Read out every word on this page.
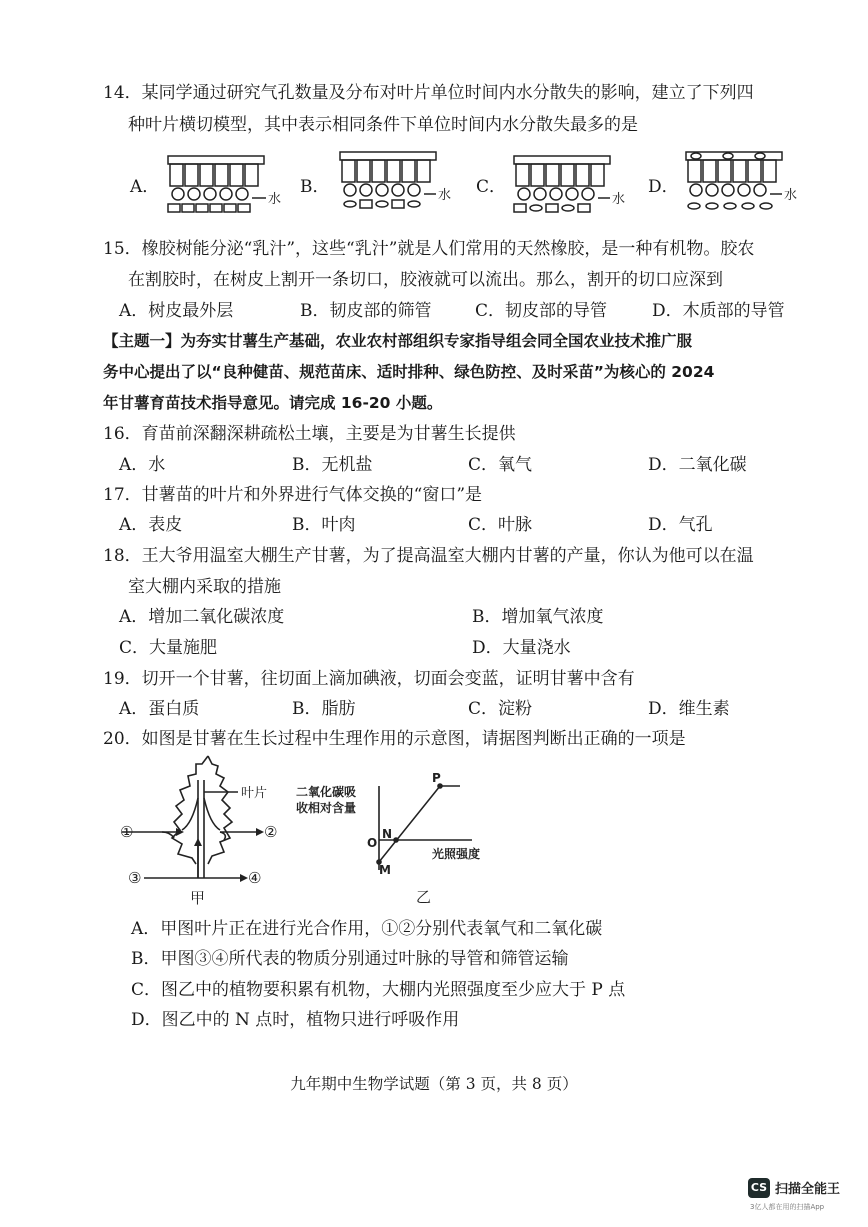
14．某同学通过研究气孔数量及分布对叶片单位时间内水分散失的影响，建立了下列四
种叶片横切模型，其中表示相同条件下单位时间内水分散失最多的是
A．
水
B．	水 C．
水
D．	水
15．橡胶树能分泌“乳汁”，这些“乳汁”就是人们常用的天然橡胶，是一种有机物。胶农
在割胶时，在树皮上割开一条切口，胶液就可以流出。那么，割开的切口应深到
A．树皮最外层	B．韧皮部的筛管	C．韧皮部的导管	D．木质部的导管
【主题一】为夯实甘薯生产基础，农业农村部组织专家指导组会同全国农业技术推广服
务中心提出了以“良种健苗、规范苗床、适时排种、绿色防控、及时采苗”为核心的 2024
年甘薯育苗技术指导意见。请完成 16-20 小题。
16．育苗前深翻深耕疏松土壤，主要是为甘薯生长提供
A．水	B．无机盐	C．氧气	D．二氧化碳
17．甘薯苗的叶片和外界进行气体交换的“窗口”是
A．表皮	B．叶肉	C．叶脉	D．气孔
18．王大爷用温室大棚生产甘薯，为了提高温室大棚内甘薯的产量，你认为他可以在温
室大棚内采取的措施
A．增加二氧化碳浓度	B．增加氧气浓度
C．大量施肥	D．大量浇水
19．切开一个甘薯，往切面上滴加碘液，切面会变蓝，证明甘薯中含有
A．蛋白质	B．脂肪	C．淀粉	D．维生素
20．如图是甘薯在生长过程中生理作用的示意图，请据图判断出正确的一项是
叶片
①	②
③	④
甲
二氧化碳吸
收相对含量
P
N
O
M
光照强度
乙
A．甲图叶片正在进行光合作用，①②分别代表氧气和二氧化碳
B．甲图③④所代表的物质分别通过叶脉的导管和筛管运输
C．图乙中的植物要积累有机物，大棚内光照强度至少应大于 P 点
D．图乙中的 N 点时，植物只进行呼吸作用
九年期中生物学试题（第 3 页，共 8 页）
CS 扫描全能王
3亿人都在用的扫描App
